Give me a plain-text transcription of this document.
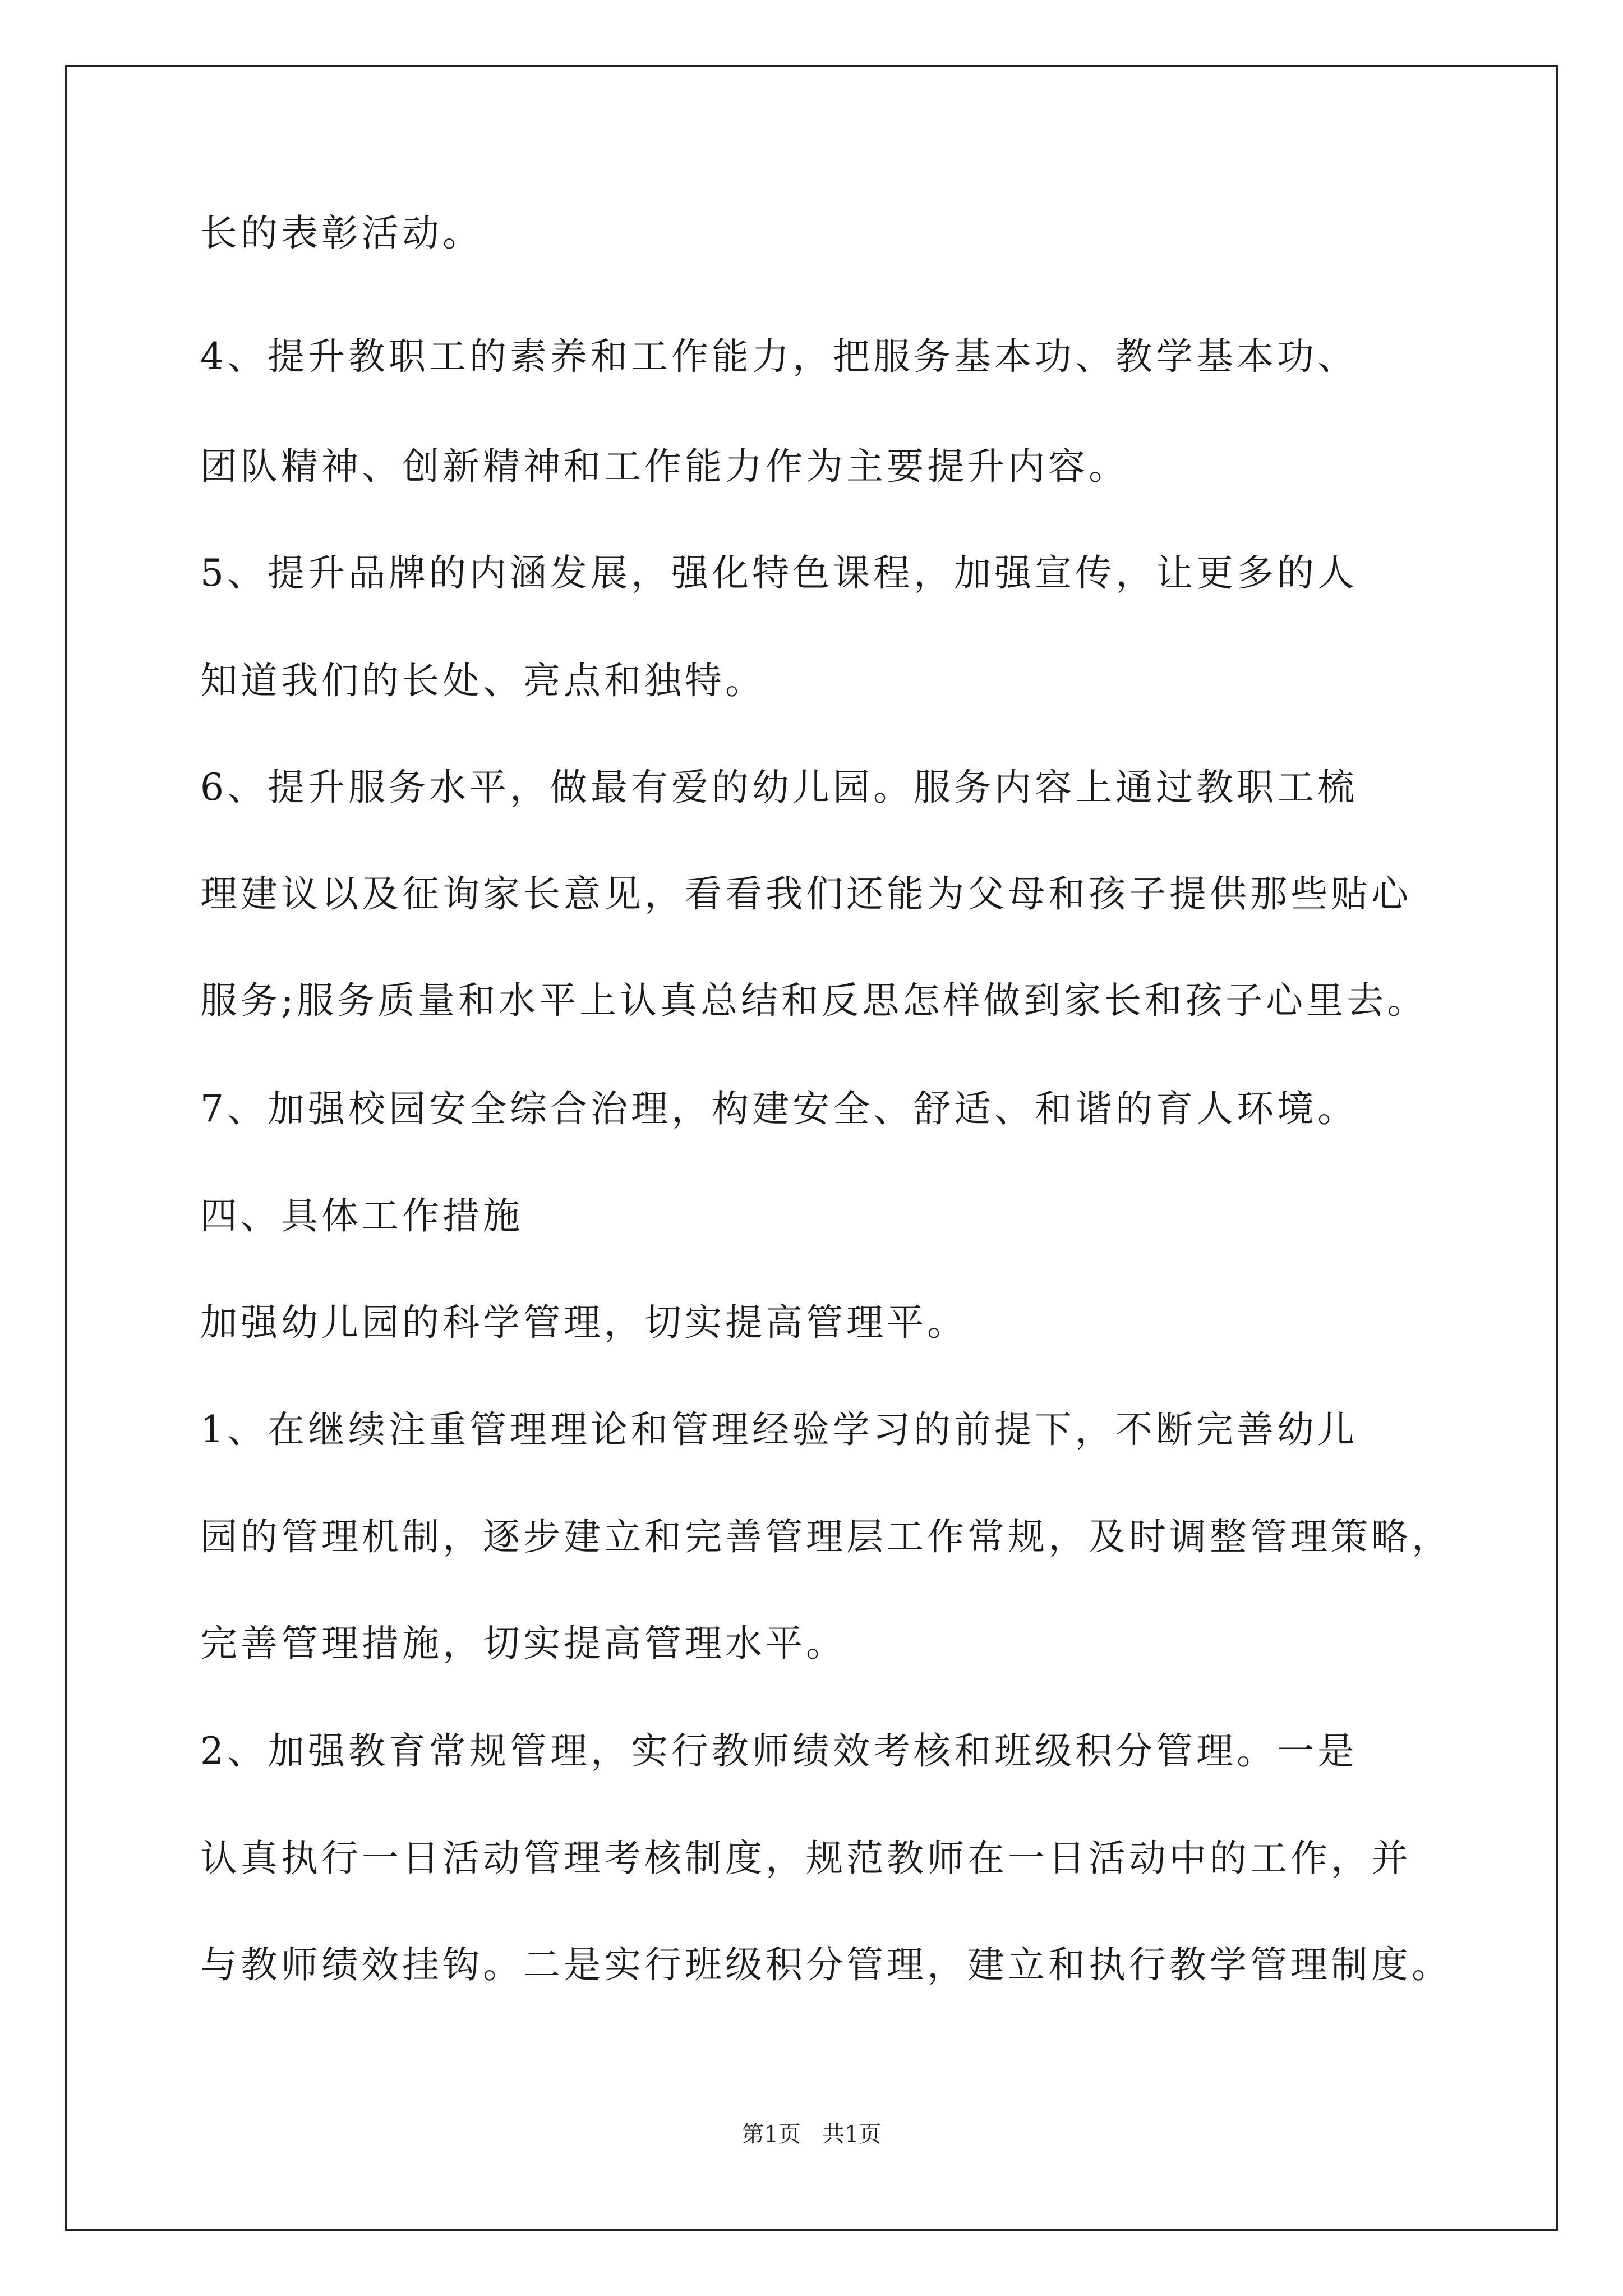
长的表彰活动。
4、提升教职工的素养和工作能力，把服务基本功、教学基本功、
团队精神、创新精神和工作能力作为主要提升内容。
5、提升品牌的内涵发展，强化特色课程，加强宣传，让更多的人
知道我们的长处、亮点和独特。
6、提升服务水平，做最有爱的幼儿园。服务内容上通过教职工梳
理建议以及征询家长意见，看看我们还能为父母和孩子提供那些贴心
服务;服务质量和水平上认真总结和反思怎样做到家长和孩子心里去。
7、加强校园安全综合治理，构建安全、舒适、和谐的育人环境。
四、具体工作措施
加强幼儿园的科学管理，切实提高管理平。
1、在继续注重管理理论和管理经验学习的前提下，不断完善幼儿
园的管理机制，逐步建立和完善管理层工作常规，及时调整管理策略，
完善管理措施，切实提高管理水平。
2、加强教育常规管理，实行教师绩效考核和班级积分管理。一是
认真执行一日活动管理考核制度，规范教师在一日活动中的工作，并
与教师绩效挂钩。二是实行班级积分管理，建立和执行教学管理制度。
第1页   共1页
